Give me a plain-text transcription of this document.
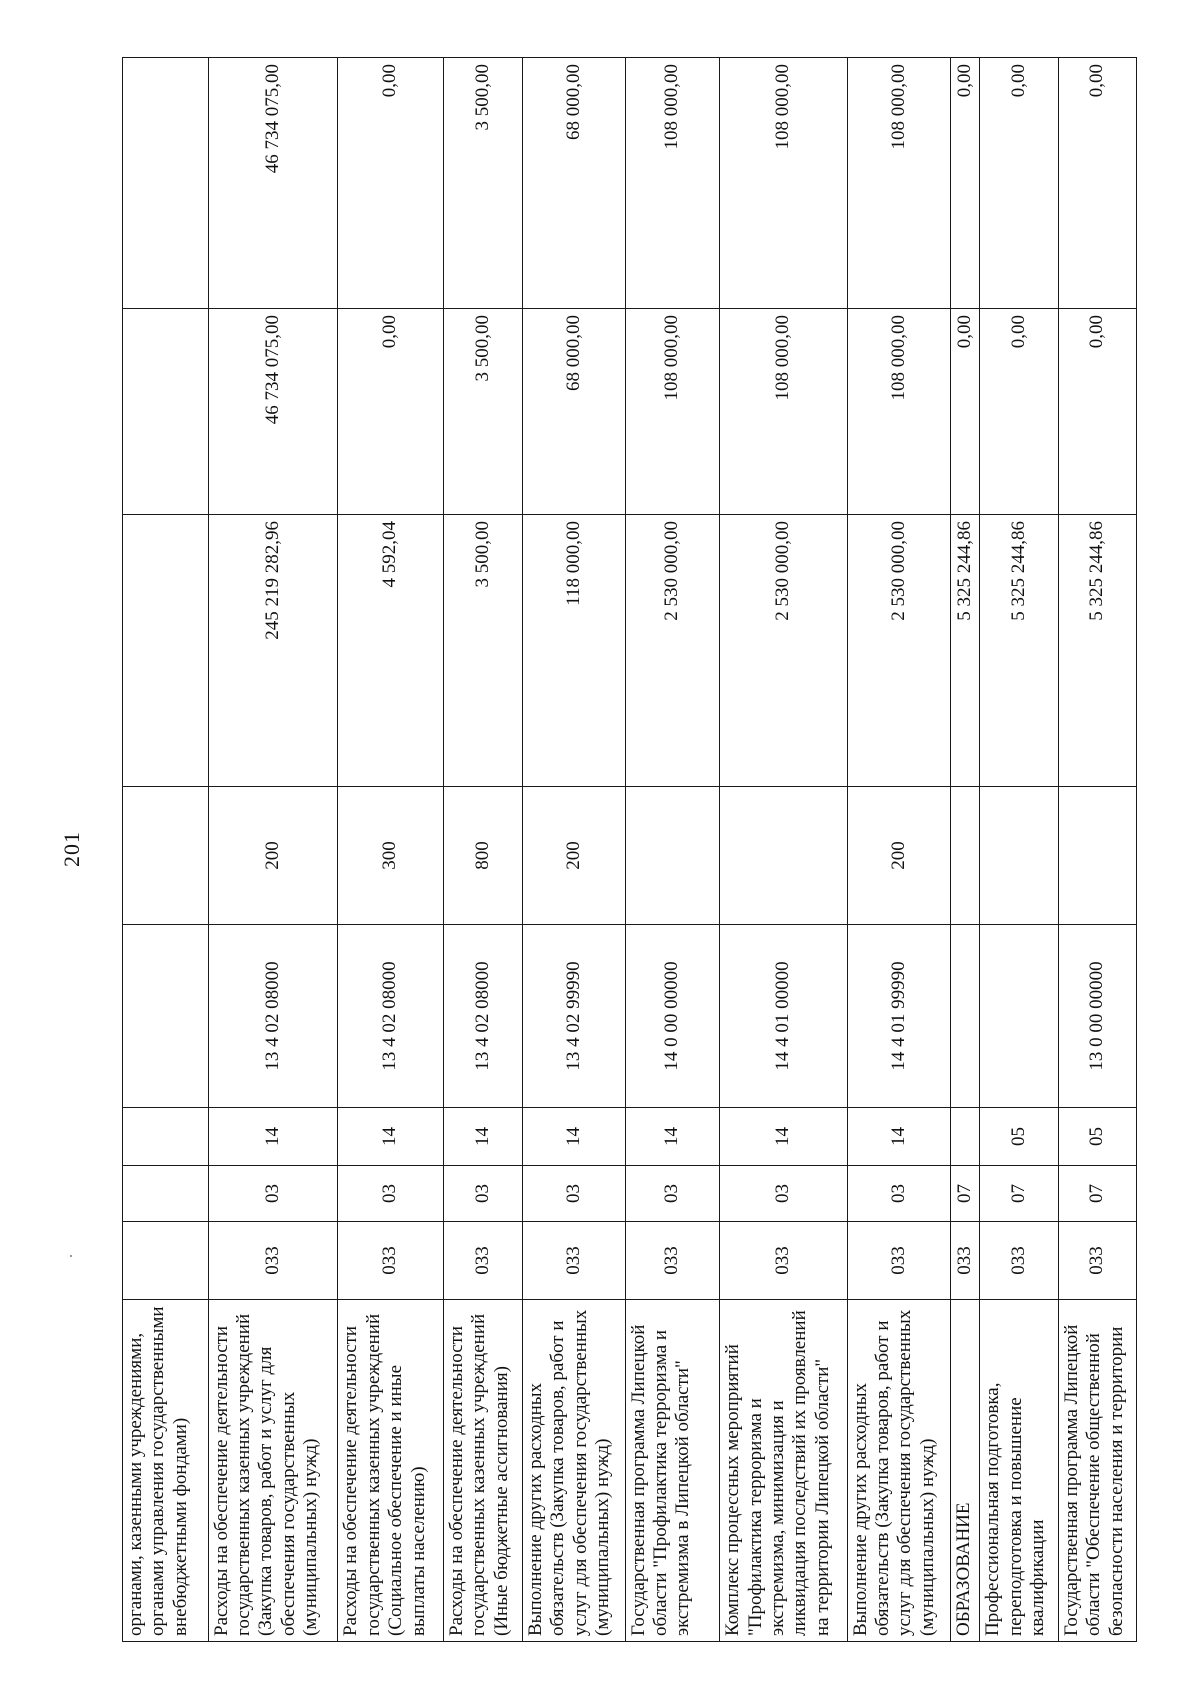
201
органами, казенными учреждениями, органами управления государственными внебюджетными фондами)								
Расходы на обеспечение деятельности государственных казенных учреждений (Закупка товаров, работ и услуг для обеспечения государственных (муниципальных) нужд)	033	03	14	13 4 02 08000	200	245 219 282,96	46 734 075,00	46 734 075,00
Расходы на обеспечение деятельности государственных казенных учреждений (Социальное обеспечение и иные выплаты населению)	033	03	14	13 4 02 08000	300	4 592,04	0,00	0,00
Расходы на обеспечение деятельности государственных казенных учреждений (Иные бюджетные ассигнования)	033	03	14	13 4 02 08000	800	3 500,00	3 500,00	3 500,00
Выполнение других расходных обязательств (Закупка товаров, работ и услуг для обеспечения государственных (муниципальных) нужд)	033	03	14	13 4 02 99990	200	118 000,00	68 000,00	68 000,00
Государственная программа Липецкой области "Профилактика терроризма и экстремизма в Липецкой области"	033	03	14	14 0 00 00000		2 530 000,00	108 000,00	108 000,00
Комплекс процессных мероприятий "Профилактика терроризма и экстремизма, минимизация и ликвидация последствий их проявлений на территории Липецкой области"	033	03	14	14 4 01 00000		2 530 000,00	108 000,00	108 000,00
Выполнение других расходных обязательств (Закупка товаров, работ и услуг для обеспечения государственных (муниципальных) нужд)	033	03	14	14 4 01 99990	200	2 530 000,00	108 000,00	108 000,00
ОБРАЗОВАНИЕ	033	07				5 325 244,86	0,00	0,00
Профессиональная подготовка, переподготовка и повышение квалификации	033	07	05			5 325 244,86	0,00	0,00
Государственная программа Липецкой области "Обеспечение общественной безопасности населения и территории	033	07	05	13 0 00 00000		5 325 244,86	0,00	0,00
